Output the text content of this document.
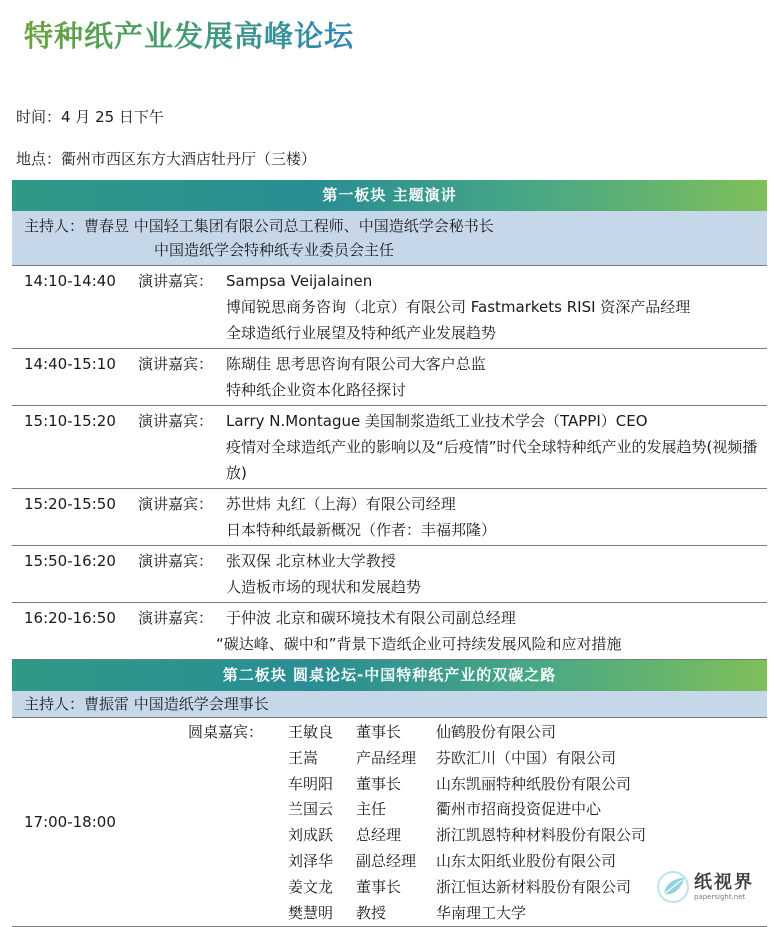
特种纸产业发展高峰论坛
时间：4 月 25 日下午
地点：衢州市西区东方大酒店牡丹厅（三楼）
第一板块 主题演讲
主持人：曹春昱 中国轻工集团有限公司总工程师、中国造纸学会秘书长
中国造纸学会特种纸专业委员会主任
14:10-14:40	演讲嘉宾： Sampsa Veijalainen
博闻锐思商务咨询（北京）有限公司 Fastmarkets RISI 资深产品经理
全球造纸行业展望及特种纸产业发展趋势
14:40-15:10	演讲嘉宾： 陈瑚佳 思考思咨询有限公司大客户总监
特种纸企业资本化路径探讨
15:10-15:20	演讲嘉宾： Larry N.Montague 美国制浆造纸工业技术学会（TAPPI）CEO
疫情对全球造纸产业的影响以及“后疫情”时代全球特种纸产业的发展趋势(视频播放)
15:20-15:50	演讲嘉宾： 苏世炜 丸红（上海）有限公司经理
日本特种纸最新概况（作者：丰福邦隆）
15:50-16:20	演讲嘉宾： 张双保 北京林业大学教授
人造板市场的现状和发展趋势
16:20-16:50	演讲嘉宾： 于仲波 北京和碳环境技术有限公司副总经理
“碳达峰、碳中和”背景下造纸企业可持续发展风险和应对措施
第二板块 圆桌论坛-中国特种纸产业的双碳之路
主持人：曹振雷 中国造纸学会理事长
17:00-18:00
圆桌嘉宾：	王敏良	董事长	仙鹤股份有限公司
王嵩	产品经理	芬欧汇川（中国）有限公司
车明阳	董事长	山东凯丽特种纸股份有限公司
兰国云	主任	衢州市招商投资促进中心
刘成跃	总经理	浙江凯恩特种材料股份有限公司
刘泽华	副总经理	山东太阳纸业股份有限公司
姜文龙	董事长	浙江恒达新材料股份有限公司
樊慧明	教授	华南理工大学
纸视界
papersight.net
